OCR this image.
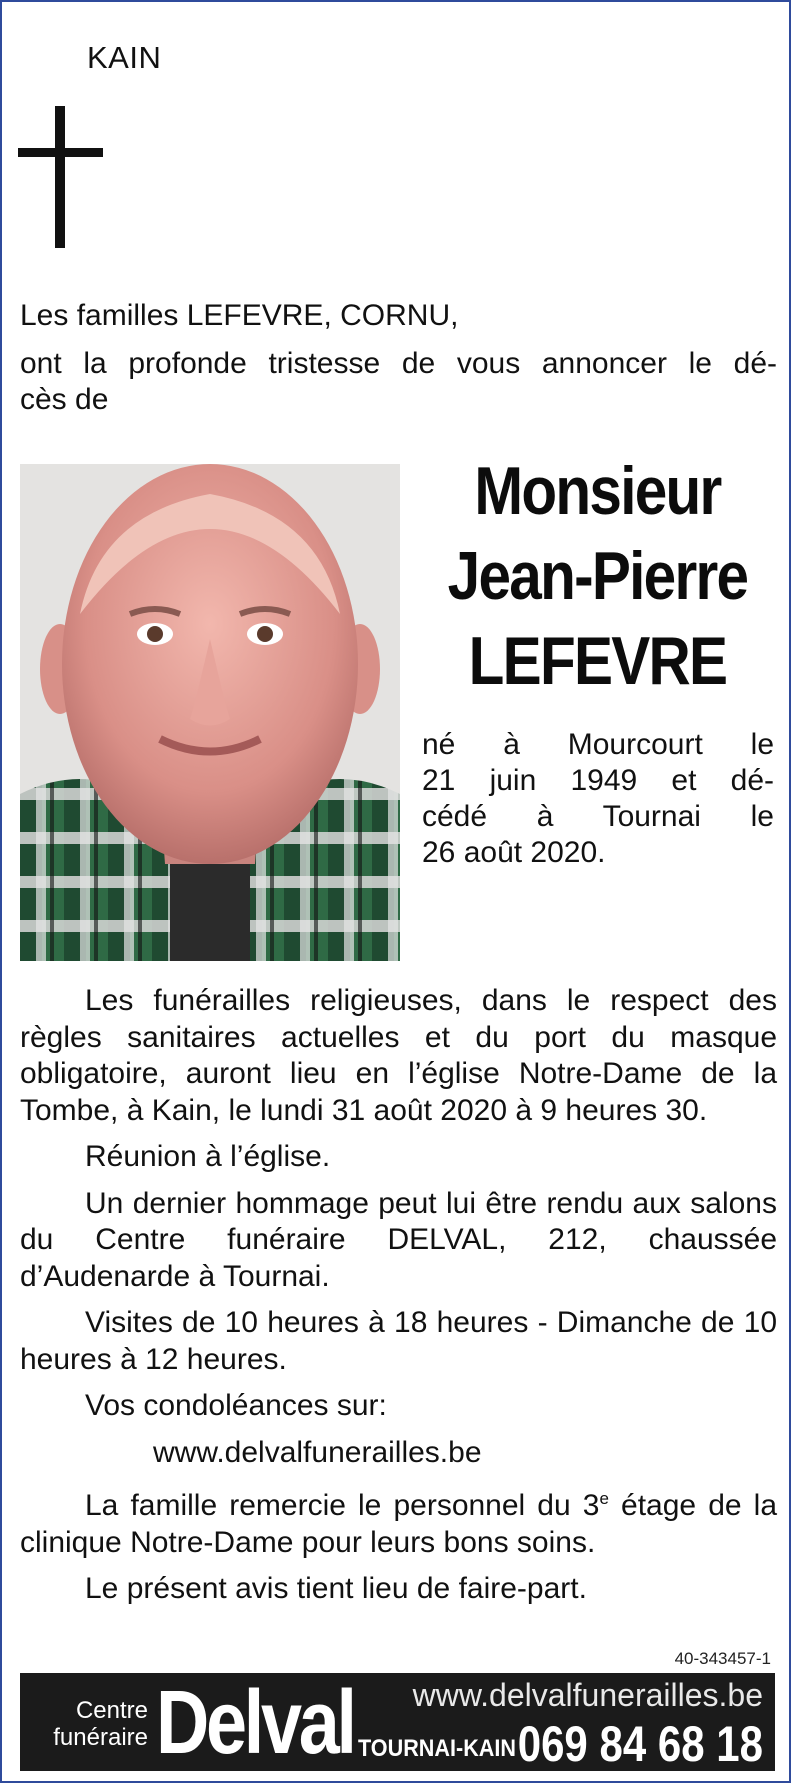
KAIN
Les familles LEFEVRE, CORNU,
ont la profonde tristesse de vous annoncer le dé-
cès de
Monsieur
Jean-Pierre
LEFEVRE
né à Mourcourt le
21 juin 1949 et dé-
cédé à Tournai le
26 août 2020.

Les funérailles religieuses, dans le respect des règles sanitaires actuelles et du port du masque obligatoire, auront lieu en l’église Notre-Dame de la Tombe, à Kain, le lundi 31 août 2020 à 9 heures 30.

Réunion à l’église.

Un dernier hommage peut lui être rendu aux salons du Centre funéraire DELVAL, 212, chaussée d’Audenarde à Tournai.

Visites de 10 heures à 18 heures - Dimanche de 10 heures à 12 heures.

Vos condoléances sur:

www.delvalfunerailles.be

La famille remercie le personnel du 3e étage de la clinique Notre-Dame pour leurs bons soins.

Le présent avis tient lieu de faire-part.

40-343457-1
Centre
funéraire Delval www.delvalfunerailles.be
TOURNAI-KAIN 069 84 68 18
